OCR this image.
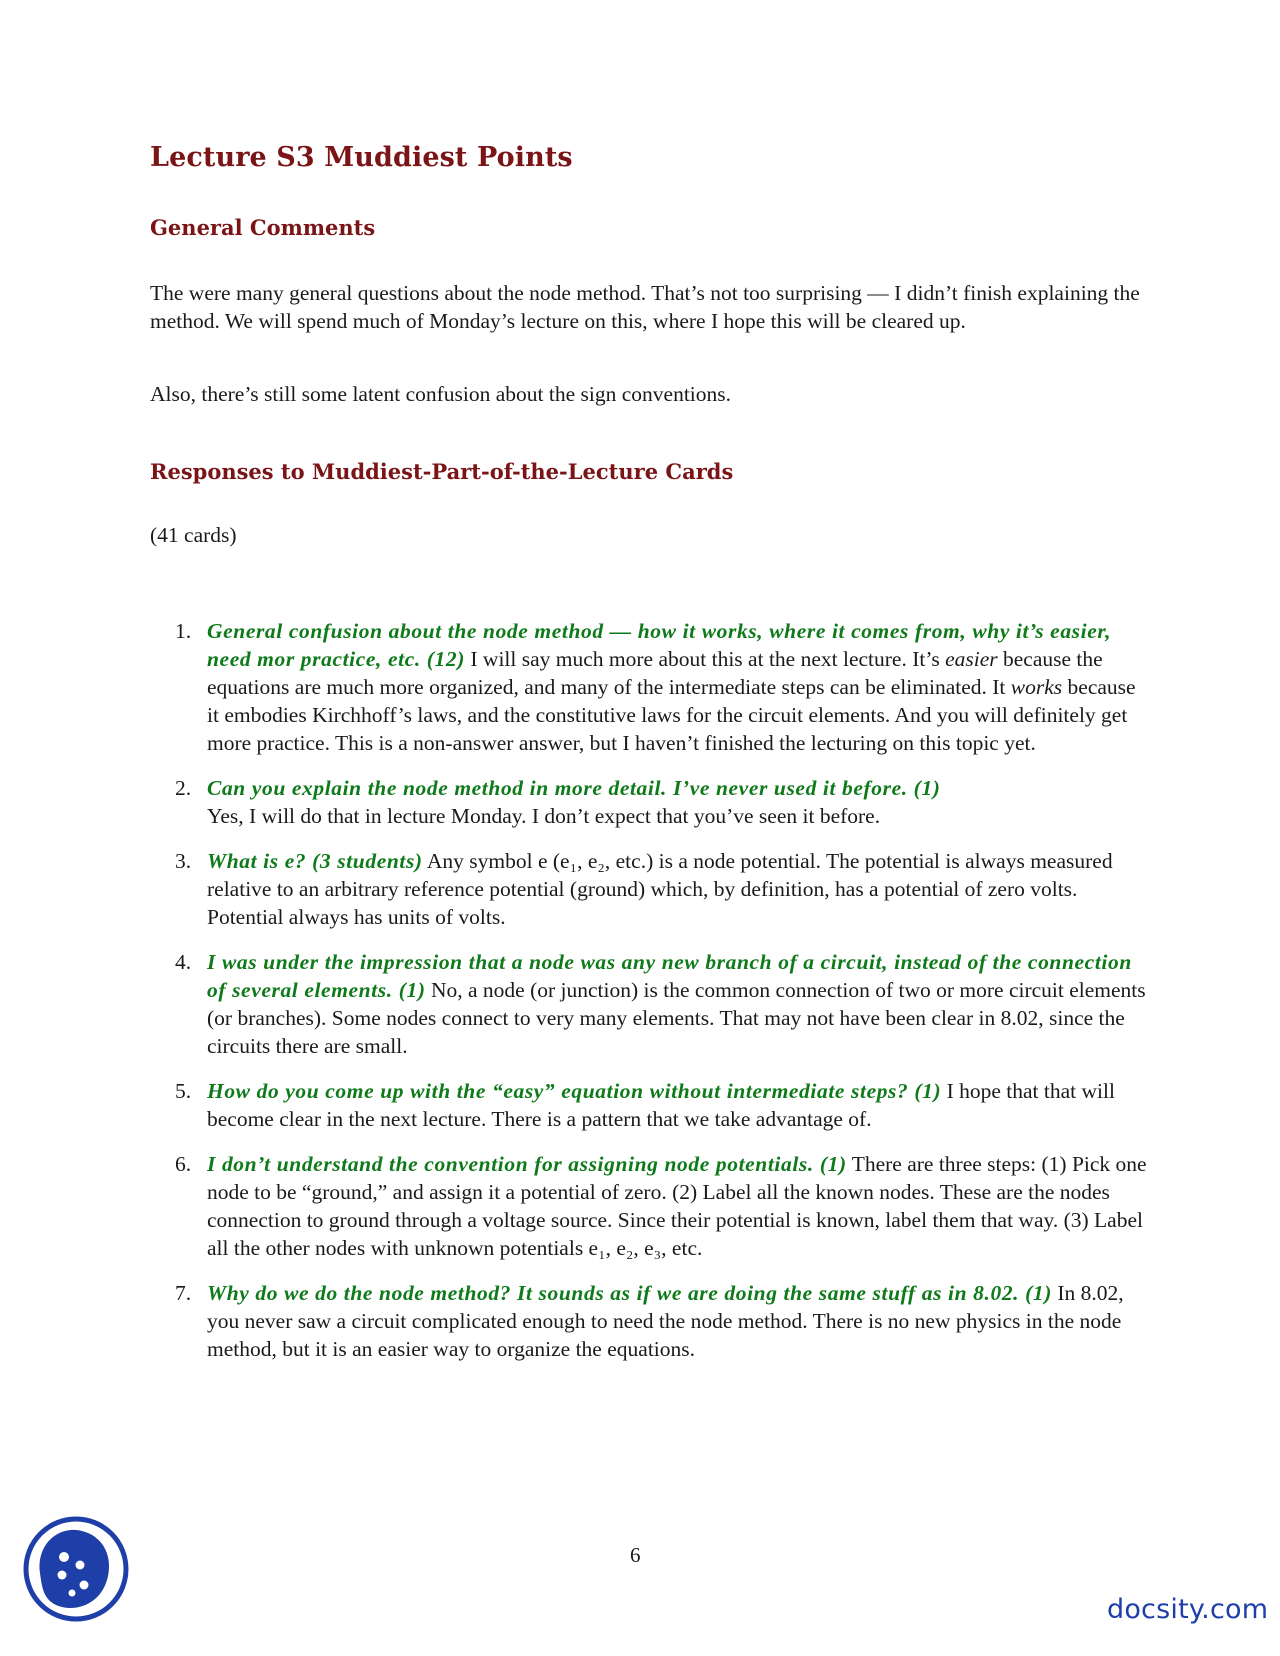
Lecture S3 Muddiest Points
General Comments

The were many general questions about the node method. That’s not too surprising — I didn’t finish explaining the method. We will spend much of Monday’s lecture on this, where I hope this will be cleared up.

Also, there’s still some latent confusion about the sign conventions.

Responses to Muddiest-Part-of-the-Lecture Cards

(41 cards)

1. General confusion about the node method — how it works, where it comes from, why it’s easier, need mor practice, etc. (12) I will say much more about this at the next lecture. It’s easier because the equations are much more organized, and many of the intermediate steps can be eliminated. It works because it embodies Kirchhoff’s laws, and the constitutive laws for the circuit elements. And you will definitely get more practice. This is a non-answer answer, but I haven’t finished the lecturing on this topic yet.
2. Can you explain the node method in more detail. I’ve never used it before. (1)
Yes, I will do that in lecture Monday. I don’t expect that you’ve seen it before.
3. What is e? (3 students) Any symbol e (e₁, e₂, etc.) is a node potential. The potential is always measured relative to an arbitrary reference potential (ground) which, by definition, has a potential of zero volts. Potential always has units of volts.
4. I was under the impression that a node was any new branch of a circuit, instead of the connection of several elements. (1) No, a node (or junction) is the common connection of two or more circuit elements (or branches). Some nodes connect to very many elements. That may not have been clear in 8.02, since the circuits there are small.
5. How do you come up with the “easy” equation without intermediate steps? (1) I hope that that will become clear in the next lecture. There is a pattern that we take advantage of.
6. I don’t understand the convention for assigning node potentials. (1) There are three steps: (1) Pick one node to be “ground,” and assign it a potential of zero. (2) Label all the known nodes. These are the nodes connection to ground through a voltage source. Since their potential is known, label them that way. (3) Label all the other nodes with unknown potentials e₁, e₂, e₃, etc.
7. Why do we do the node method? It sounds as if we are doing the same stuff as in 8.02. (1) In 8.02, you never saw a circuit complicated enough to need the node method. There is no new physics in the node method, but it is an easier way to organize the equations.
6
docsity.com
